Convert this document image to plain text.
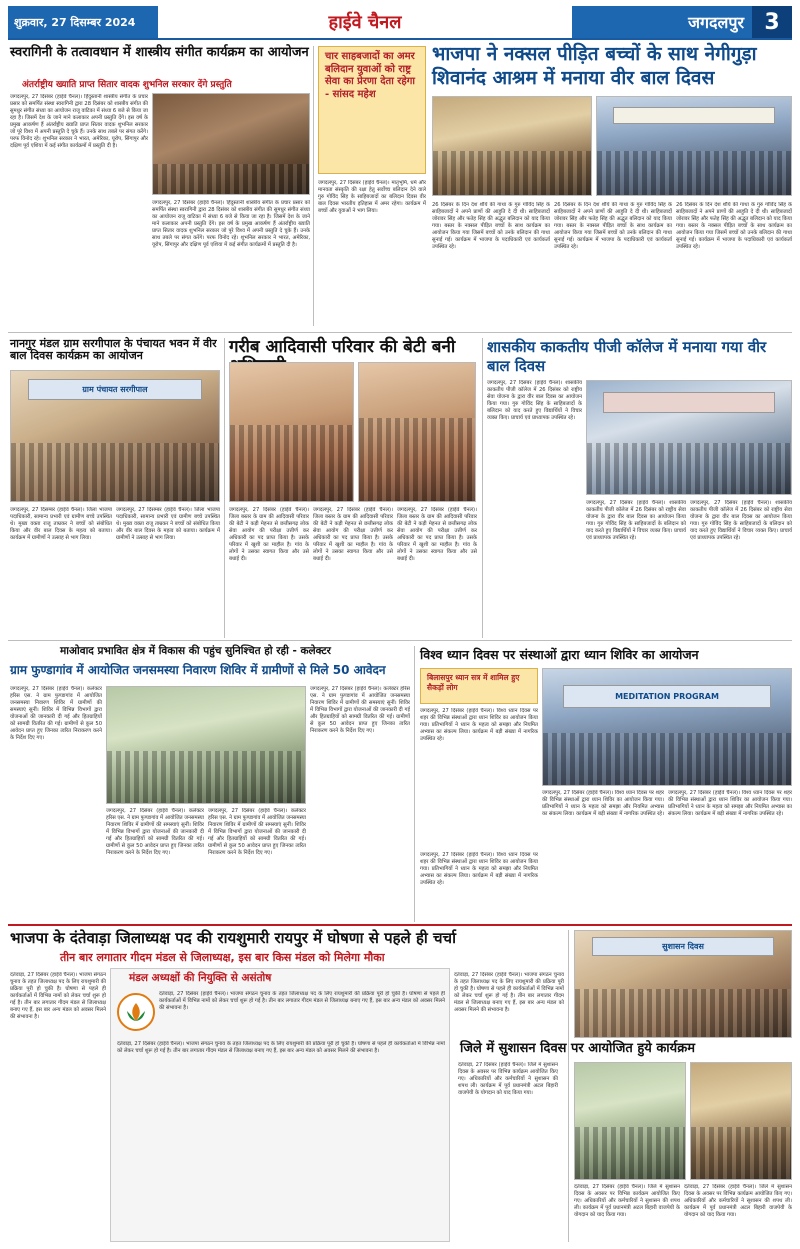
शुक्रवार, 27 दिसम्बर 2024	हाईवे चैनल	जगदलपुर 3
स्वरागिनी के तत्वावधान में शास्त्रीय संगीत कार्यक्रम का आयोजन
अंतर्राष्ट्रीय ख्याति प्राप्त सितार वादक शुभनिल सरकार देंगे प्रस्तुति
जगदलपुर, 27 दिसंबर (हाईवे चैनल)। हिंदुस्तानी शास्त्रीय संगीत के प्रचार प्रसार को समर्पित संस्था स्वरागिनी द्वारा 28 दिसंबर को शास्त्रीय संगीत की सुमधुर संगीत संध्या का आयोजन राजू वाटिका में संध्या 6 बजे से किया जा रहा है। जिसमें देश के जाने माने कलाकार अपनी प्रस्तुति देंगे। इस वर्ष के प्रमुख आकर्षण हैं अंतर्राष्ट्रीय ख्याति प्राप्त सितार वादक शुभनिल सरकार जो पूरे विश्व में अपनी प्रस्तुति दे चुके हैं। उनके साथ तबले पर संगत करेंगे। परफ विनोद रहे। शुभनिल सरकार ने भारत, अमेरिका, यूरोप, सिंगापुर और दक्षिण पूर्व एशिया में कई संगीत कार्यक्रमों में प्रस्तुति दी है।
जगदलपुर, 27 दिसंबर (हाईवे चैनल)। हिंदुस्तानी शास्त्रीय संगीत के प्रचार प्रसार को समर्पित संस्था स्वरागिनी द्वारा 28 दिसंबर को शास्त्रीय संगीत की सुमधुर संगीत संध्या का आयोजन राजू वाटिका में संध्या 6 बजे से किया जा रहा है। जिसमें देश के जाने माने कलाकार अपनी प्रस्तुति देंगे। इस वर्ष के प्रमुख आकर्षण हैं अंतर्राष्ट्रीय ख्याति प्राप्त सितार वादक शुभनिल सरकार जो पूरे विश्व में अपनी प्रस्तुति दे चुके हैं। उनके साथ तबले पर संगत करेंगे। परफ विनोद रहे। शुभनिल सरकार ने भारत, अमेरिका, यूरोप, सिंगापुर और दक्षिण पूर्व एशिया में कई संगीत कार्यक्रमों में प्रस्तुति दी है।
चार साहबजादों का अमर बलिदान युवाओं को राष्ट्र सेवा का प्रेरणा देता रहेगा - सांसद महेश
जगदलपुर, 27 दिसंबर (हाईवे चैनल)। मातृभूमि, धर्म और मानवता संस्कृति की रक्षा हेतु सर्वोच्च बलिदान देने वाले गुरु गोविंद सिंह के साहिबजादों का बलिदान दिवस वीर बाल दिवस भारतीय इतिहास में अमर रहेगा। कार्यक्रम में बच्चों और युवाओं ने भाग लिया।
भाजपा ने नक्सल पीड़ित बच्चों के साथ नेगीगुड़ा शिवानंद आश्रम में मनाया वीर बाल दिवस
26 दिसंबर के दिन देश शौर्य की गाथा के गुरु गोविंद सिंह के साहिबजादों ने अपने प्राणों की आहुति दे दी थी। साहिबजादों जोरावर सिंह और फतेह सिंह की अद्भुत बलिदान को याद किया गया। बस्तर के नक्सल पीड़ित बच्चों के साथ कार्यक्रम का आयोजन किया गया जिसमें बच्चों को उनके बलिदान की गाथा सुनाई गई। कार्यक्रम में भाजपा के पदाधिकारी एवं कार्यकर्ता उपस्थित रहे।
26 दिसंबर के दिन देश शौर्य की गाथा के गुरु गोविंद सिंह के साहिबजादों ने अपने प्राणों की आहुति दे दी थी। साहिबजादों जोरावर सिंह और फतेह सिंह की अद्भुत बलिदान को याद किया गया। बस्तर के नक्सल पीड़ित बच्चों के साथ कार्यक्रम का आयोजन किया गया जिसमें बच्चों को उनके बलिदान की गाथा सुनाई गई। कार्यक्रम में भाजपा के पदाधिकारी एवं कार्यकर्ता उपस्थित रहे।
26 दिसंबर के दिन देश शौर्य की गाथा के गुरु गोविंद सिंह के साहिबजादों ने अपने प्राणों की आहुति दे दी थी। साहिबजादों जोरावर सिंह और फतेह सिंह की अद्भुत बलिदान को याद किया गया। बस्तर के नक्सल पीड़ित बच्चों के साथ कार्यक्रम का आयोजन किया गया जिसमें बच्चों को उनके बलिदान की गाथा सुनाई गई। कार्यक्रम में भाजपा के पदाधिकारी एवं कार्यकर्ता उपस्थित रहे।
नानगुर मंडल ग्राम सरगीपाल के पंचायत भवन में वीर बाल दिवस कार्यक्रम का आयोजन
ग्राम पंचायत सरगीपाल
जगदलपुर, 27 दिसम्बर (हाईवे चैनल)। जिला भाजपा पदाधिकारी, सामान्य प्रभारी एवं ग्रामीण बच्चे उपस्थित थे। मुख्य वक्ता राजू ताम्रकर ने बच्चों को संबोधित किया और वीर बाल दिवस के महत्व को बताया। कार्यक्रम में ग्रामीणों ने उत्साह से भाग लिया।
जगदलपुर, 27 दिसम्बर (हाईवे चैनल)। जिला भाजपा पदाधिकारी, सामान्य प्रभारी एवं ग्रामीण बच्चे उपस्थित थे। मुख्य वक्ता राजू ताम्रकर ने बच्चों को संबोधित किया और वीर बाल दिवस के महत्व को बताया। कार्यक्रम में ग्रामीणों ने उत्साह से भाग लिया।
गरीब आदिवासी परिवार की बेटी बनी
जगदलपुर, 27 दिसंबर (हाईवे चैनल)। जिला बस्तर के ग्राम की आदिवासी परिवार की बेटी ने कड़ी मेहनत से छत्तीसगढ़ लोक सेवा आयोग की परीक्षा उत्तीर्ण कर अधिकारी का पद प्राप्त किया है। उसके परिवार में खुशी का माहौल है। गांव के लोगों ने उसका स्वागत किया और उसे बधाई दी।
जगदलपुर, 27 दिसंबर (हाईवे चैनल)। जिला बस्तर के ग्राम की आदिवासी परिवार की बेटी ने कड़ी मेहनत से छत्तीसगढ़ लोक सेवा आयोग की परीक्षा उत्तीर्ण कर अधिकारी का पद प्राप्त किया है। उसके परिवार में खुशी का माहौल है। गांव के लोगों ने उसका स्वागत किया और उसे बधाई दी।
जगदलपुर, 27 दिसंबर (हाईवे चैनल)। जिला बस्तर के ग्राम की आदिवासी परिवार की बेटी ने कड़ी मेहनत से छत्तीसगढ़ लोक सेवा आयोग की परीक्षा उत्तीर्ण कर अधिकारी का पद प्राप्त किया है। उसके परिवार में खुशी का माहौल है। गांव के लोगों ने उसका स्वागत किया और उसे बधाई दी।
शासकीय काकतीय पीजी कॉलेज में मनाया गया वीर बाल दिवस
जगदलपुर, 27 दिसंबर (हाईवे चैनल)। शासकीय काकतीय पीजी कॉलेज में 26 दिसंबर को राष्ट्रीय सेवा योजना के द्वारा वीर बाल दिवस का आयोजन किया गया। गुरु गोविंद सिंह के साहिबजादों के बलिदान को याद करते हुए विद्यार्थियों ने विचार व्यक्त किए। प्राचार्य एवं प्राध्यापक उपस्थित रहे।
जगदलपुर, 27 दिसंबर (हाईवे चैनल)। शासकीय काकतीय पीजी कॉलेज में 26 दिसंबर को राष्ट्रीय सेवा योजना के द्वारा वीर बाल दिवस का आयोजन किया गया। गुरु गोविंद सिंह के साहिबजादों के बलिदान को याद करते हुए विद्यार्थियों ने विचार व्यक्त किए। प्राचार्य एवं प्राध्यापक उपस्थित रहे।
जगदलपुर, 27 दिसंबर (हाईवे चैनल)। शासकीय काकतीय पीजी कॉलेज में 26 दिसंबर को राष्ट्रीय सेवा योजना के द्वारा वीर बाल दिवस का आयोजन किया गया। गुरु गोविंद सिंह के साहिबजादों के बलिदान को याद करते हुए विद्यार्थियों ने विचार व्यक्त किए। प्राचार्य एवं प्राध्यापक उपस्थित रहे।
माओवाद प्रभावित क्षेत्र में विकास की पहुंच सुनिश्चित हो रही - कलेक्टर
ग्राम फुण्डागांव में आयोजित जनसमस्या निवारण शिविर में ग्रामीणों से मिले 50 आवेदन
जगदलपुर, 27 दिसंबर (हाईवे चैनल)। कलेक्टर हरिस एस. ने ग्राम फुण्डागांव में आयोजित जनसमस्या निवारण शिविर में ग्रामीणों की समस्याएं सुनीं। शिविर में विभिन्न विभागों द्वारा योजनाओं की जानकारी दी गई और हितग्राहियों को सामग्री वितरित की गई। ग्रामीणों से कुल 50 आवेदन प्राप्त हुए जिनका त्वरित निराकरण करने के निर्देश दिए गए।
जगदलपुर, 27 दिसंबर (हाईवे चैनल)। कलेक्टर हरिस एस. ने ग्राम फुण्डागांव में आयोजित जनसमस्या निवारण शिविर में ग्रामीणों की समस्याएं सुनीं। शिविर में विभिन्न विभागों द्वारा योजनाओं की जानकारी दी गई और हितग्राहियों को सामग्री वितरित की गई। ग्रामीणों से कुल 50 आवेदन प्राप्त हुए जिनका त्वरित निराकरण करने के निर्देश दिए गए।
जगदलपुर, 27 दिसंबर (हाईवे चैनल)। कलेक्टर हरिस एस. ने ग्राम फुण्डागांव में आयोजित जनसमस्या निवारण शिविर में ग्रामीणों की समस्याएं सुनीं। शिविर में विभिन्न विभागों द्वारा योजनाओं की जानकारी दी गई और हितग्राहियों को सामग्री वितरित की गई। ग्रामीणों से कुल 50 आवेदन प्राप्त हुए जिनका त्वरित निराकरण करने के निर्देश दिए गए।
जगदलपुर, 27 दिसंबर (हाईवे चैनल)। कलेक्टर हरिस एस. ने ग्राम फुण्डागांव में आयोजित जनसमस्या निवारण शिविर में ग्रामीणों की समस्याएं सुनीं। शिविर में विभिन्न विभागों द्वारा योजनाओं की जानकारी दी गई और हितग्राहियों को सामग्री वितरित की गई। ग्रामीणों से कुल 50 आवेदन प्राप्त हुए जिनका त्वरित निराकरण करने के निर्देश दिए गए।
विश्व ध्यान दिवस पर संस्थाओं द्वारा ध्यान शिविर का आयोजन
बिलासपुर ध्यान सत्र में शामिल हुए सैकड़ों लोग
जगदलपुर, 27 दिसंबर (हाईवे चैनल)। विश्व ध्यान दिवस पर शहर की विभिन्न संस्थाओं द्वारा ध्यान शिविर का आयोजन किया गया। प्रतिभागियों ने ध्यान के महत्व को समझा और नियमित अभ्यास का संकल्प लिया। कार्यक्रम में बड़ी संख्या में नागरिक उपस्थित रहे।
MEDITATION PROGRAM
जगदलपुर, 27 दिसंबर (हाईवे चैनल)। विश्व ध्यान दिवस पर शहर की विभिन्न संस्थाओं द्वारा ध्यान शिविर का आयोजन किया गया। प्रतिभागियों ने ध्यान के महत्व को समझा और नियमित अभ्यास का संकल्प लिया। कार्यक्रम में बड़ी संख्या में नागरिक उपस्थित रहे।
जगदलपुर, 27 दिसंबर (हाईवे चैनल)। विश्व ध्यान दिवस पर शहर की विभिन्न संस्थाओं द्वारा ध्यान शिविर का आयोजन किया गया। प्रतिभागियों ने ध्यान के महत्व को समझा और नियमित अभ्यास का संकल्प लिया। कार्यक्रम में बड़ी संख्या में नागरिक उपस्थित रहे।
जगदलपुर, 27 दिसंबर (हाईवे चैनल)। विश्व ध्यान दिवस पर शहर की विभिन्न संस्थाओं द्वारा ध्यान शिविर का आयोजन किया गया। प्रतिभागियों ने ध्यान के महत्व को समझा और नियमित अभ्यास का संकल्प लिया। कार्यक्रम में बड़ी संख्या में नागरिक उपस्थित रहे।
भाजपा के दंतेवाड़ा जिलाध्यक्ष पद की रायशुमारी रायपुर में घोषणा से पहले ही चर्चा
तीन बार लगातार गीदम मंडल से जिलाध्यक्ष, इस बार किस मंडल को मिलेगा मौका
दंतेवाड़ा, 27 दिसंबर (हाईवे चैनल)। भाजपा संगठन चुनाव के तहत जिलाध्यक्ष पद के लिए रायशुमारी की प्रक्रिया पूरी हो चुकी है। घोषणा से पहले ही कार्यकर्ताओं में विभिन्न नामों को लेकर चर्चा शुरू हो गई है। तीन बार लगातार गीदम मंडल से जिलाध्यक्ष बनाए गए हैं, इस बार अन्य मंडल को अवसर मिलने की संभावना है।
मंडल अध्यक्षों की नियुक्ति से असंतोष
दंतेवाड़ा, 27 दिसंबर (हाईवे चैनल)। भाजपा संगठन चुनाव के तहत जिलाध्यक्ष पद के लिए रायशुमारी की प्रक्रिया पूरी हो चुकी है। घोषणा से पहले ही कार्यकर्ताओं में विभिन्न नामों को लेकर चर्चा शुरू हो गई है। तीन बार लगातार गीदम मंडल से जिलाध्यक्ष बनाए गए हैं, इस बार अन्य मंडल को अवसर मिलने की संभावना है।
दंतेवाड़ा, 27 दिसंबर (हाईवे चैनल)। भाजपा संगठन चुनाव के तहत जिलाध्यक्ष पद के लिए रायशुमारी की प्रक्रिया पूरी हो चुकी है। घोषणा से पहले ही कार्यकर्ताओं में विभिन्न नामों को लेकर चर्चा शुरू हो गई है। तीन बार लगातार गीदम मंडल से जिलाध्यक्ष बनाए गए हैं, इस बार अन्य मंडल को अवसर मिलने की संभावना है।
दंतेवाड़ा, 27 दिसंबर (हाईवे चैनल)। भाजपा संगठन चुनाव के तहत जिलाध्यक्ष पद के लिए रायशुमारी की प्रक्रिया पूरी हो चुकी है। घोषणा से पहले ही कार्यकर्ताओं में विभिन्न नामों को लेकर चर्चा शुरू हो गई है। तीन बार लगातार गीदम मंडल से जिलाध्यक्ष बनाए गए हैं, इस बार अन्य मंडल को अवसर मिलने की संभावना है।
सुशासन दिवस
जिले में सुशासन दिवस पर आयोजित हुये कार्यक्रम
दंतेवाड़ा, 27 दिसंबर (हाईवे चैनल)। जिले में सुशासन दिवस के अवसर पर विभिन्न कार्यक्रम आयोजित किए गए। अधिकारियों और कर्मचारियों ने सुशासन की शपथ ली। कार्यक्रम में पूर्व प्रधानमंत्री अटल बिहारी वाजपेयी के योगदान को याद किया गया।
दंतेवाड़ा, 27 दिसंबर (हाईवे चैनल)। जिले में सुशासन दिवस के अवसर पर विभिन्न कार्यक्रम आयोजित किए गए। अधिकारियों और कर्मचारियों ने सुशासन की शपथ ली। कार्यक्रम में पूर्व प्रधानमंत्री अटल बिहारी वाजपेयी के योगदान को याद किया गया।
दंतेवाड़ा, 27 दिसंबर (हाईवे चैनल)। जिले में सुशासन दिवस के अवसर पर विभिन्न कार्यक्रम आयोजित किए गए। अधिकारियों और कर्मचारियों ने सुशासन की शपथ ली। कार्यक्रम में पूर्व प्रधानमंत्री अटल बिहारी वाजपेयी के योगदान को याद किया गया।
